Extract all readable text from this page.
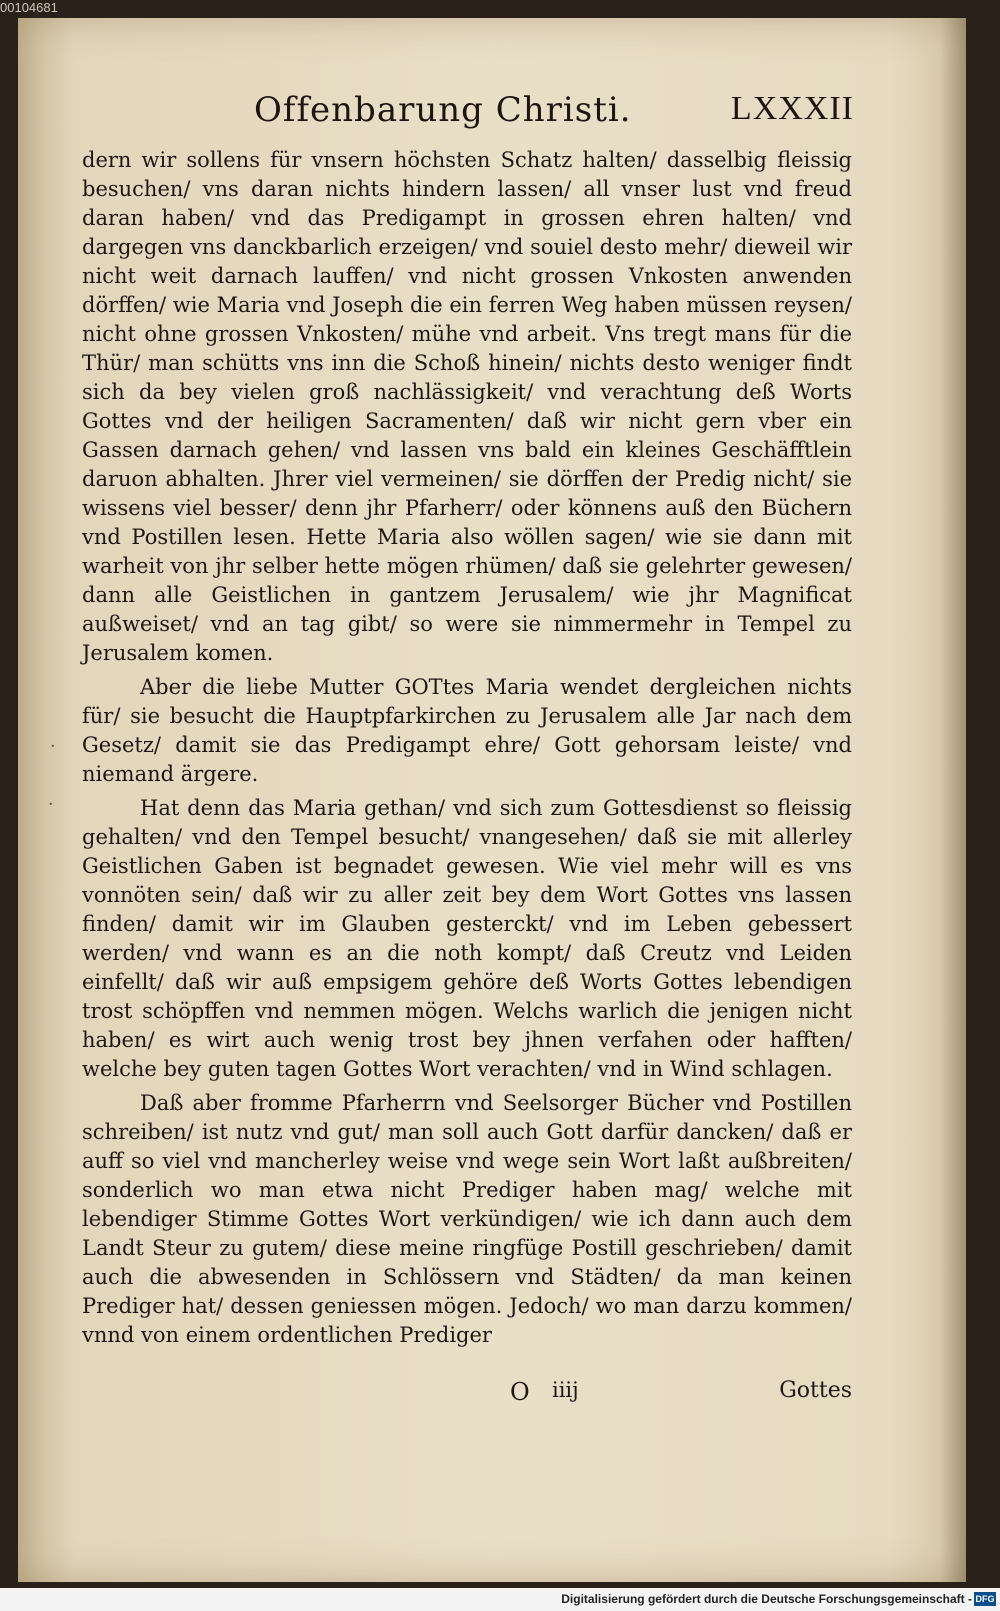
00104681
·
·
Offenbarung Christi.	LXXXII

dern wir sollens für vnsern höchsten Schatz halten/ dasselbig fleissig besuchen/ vns daran nichts hindern lassen/ all vnser lust vnd freud daran haben/ vnd das Predigampt in grossen ehren halten/ vnd dargegen vns danckbarlich erzeigen/ vnd souiel desto mehr/ dieweil wir nicht weit darnach lauffen/ vnd nicht grossen Vnkosten anwenden dörffen/ wie Maria vnd Joseph die ein ferren Weg haben müssen reysen/ nicht ohne grossen Vnkosten/ mühe vnd arbeit. Vns tregt mans für die Thür/ man schütts vns inn die Schoß hinein/ nichts desto weniger findt sich da bey vielen groß nachlässigkeit/ vnd verachtung deß Worts Gottes vnd der heiligen Sacramenten/ daß wir nicht gern vber ein Gassen darnach gehen/ vnd lassen vns bald ein kleines Geschäfftlein daruon abhalten. Jhrer viel vermeinen/ sie dörffen der Predig nicht/ sie wissens viel besser/ denn jhr Pfarherr/ oder könnens auß den Büchern vnd Postillen lesen. Hette Maria also wöllen sagen/ wie sie dann mit warheit von jhr selber hette mögen rhümen/ daß sie gelehrter gewesen/ dann alle Geistlichen in gantzem Jerusalem/ wie jhr Magnificat außweiset/ vnd an tag gibt/ so were sie nimmermehr in Tempel zu Jerusalem komen.

Aber die liebe Mutter GOTtes Maria wendet dergleichen nichts für/ sie besucht die Hauptpfarkirchen zu Jerusalem alle Jar nach dem Gesetz/ damit sie das Predigampt ehre/ Gott gehorsam leiste/ vnd niemand ärgere.

Hat denn das Maria gethan/ vnd sich zum Gottesdienst so fleissig gehalten/ vnd den Tempel besucht/ vnangesehen/ daß sie mit allerley Geistlichen Gaben ist begnadet gewesen. Wie viel mehr will es vns vonnöten sein/ daß wir zu aller zeit bey dem Wort Gottes vns lassen finden/ damit wir im Glauben gesterckt/ vnd im Leben gebessert werden/ vnd wann es an die noth kompt/ daß Creutz vnd Leiden einfellt/ daß wir auß empsigem gehöre deß Worts Gottes lebendigen trost schöpffen vnd nemmen mögen. Welchs warlich die jenigen nicht haben/ es wirt auch wenig trost bey jhnen verfahen oder hafften/ welche bey guten tagen Gottes Wort verachten/ vnd in Wind schlagen.

Daß aber fromme Pfarherrn vnd Seelsorger Bücher vnd Postillen schreiben/ ist nutz vnd gut/ man soll auch Gott darfür dancken/ daß er auff so viel vnd mancherley weise vnd wege sein Wort laßt außbreiten/ sonderlich wo man etwa nicht Prediger haben mag/ welche mit lebendiger Stimme Gottes Wort verkündigen/ wie ich dann auch dem Landt Steur zu gutem/ diese meine ringfüge Postill geschrieben/ damit auch die abwesenden in Schlössern vnd Städten/ da man keinen Prediger hat/ dessen geniessen mögen. Jedoch/ wo man darzu kommen/ vnnd von einem ordentlichen Prediger

O iiij	Gottes
Digitalisierung gefördert durch die Deutsche Forschungsgemeinschaft - DFG
